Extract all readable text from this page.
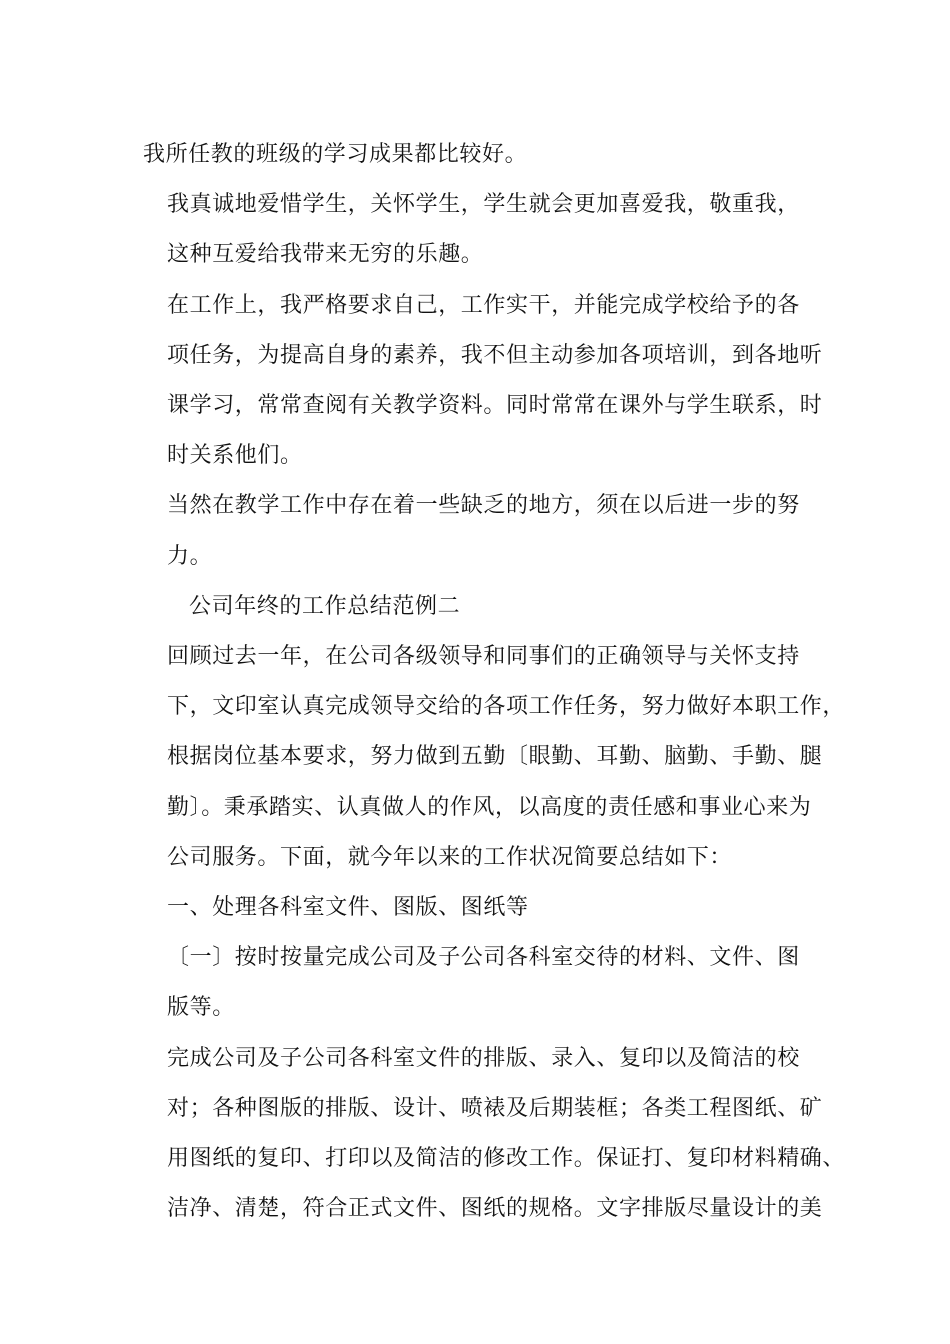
我所任教的班级的学习成果都比较好。

我真诚地爱惜学生，关怀学生，学生就会更加喜爱我，敬重我，
这种互爱给我带来无穷的乐趣。

在工作上，我严格要求自己，工作实干，并能完成学校给予的各
项任务，为提高自身的素养，我不但主动参加各项培训，到各地听
课学习，常常查阅有关教学资料。同时常常在课外与学生联系，时
时关系他们。

当然在教学工作中存在着一些缺乏的地方，须在以后进一步的努
力。

公司年终的工作总结范例二

回顾过去一年，在公司各级领导和同事们的正确领导与关怀支持
下，文印室认真完成领导交给的各项工作任务，努力做好本职工作，
根据岗位基本要求，努力做到五勤〔眼勤、耳勤、脑勤、手勤、腿
勤〕。秉承踏实、认真做人的作风，以高度的责任感和事业心来为
公司服务。下面，就今年以来的工作状况简要总结如下：

一、处理各科室文件、图版、图纸等

〔一〕按时按量完成公司及子公司各科室交待的材料、文件、图
版等。

完成公司及子公司各科室文件的排版、录入、复印以及简洁的校
对；各种图版的排版、设计、喷裱及后期装框；各类工程图纸、矿
用图纸的复印、打印以及简洁的修改工作。保证打、复印材料精确、
洁净、清楚，符合正式文件、图纸的规格。文字排版尽量设计的美
